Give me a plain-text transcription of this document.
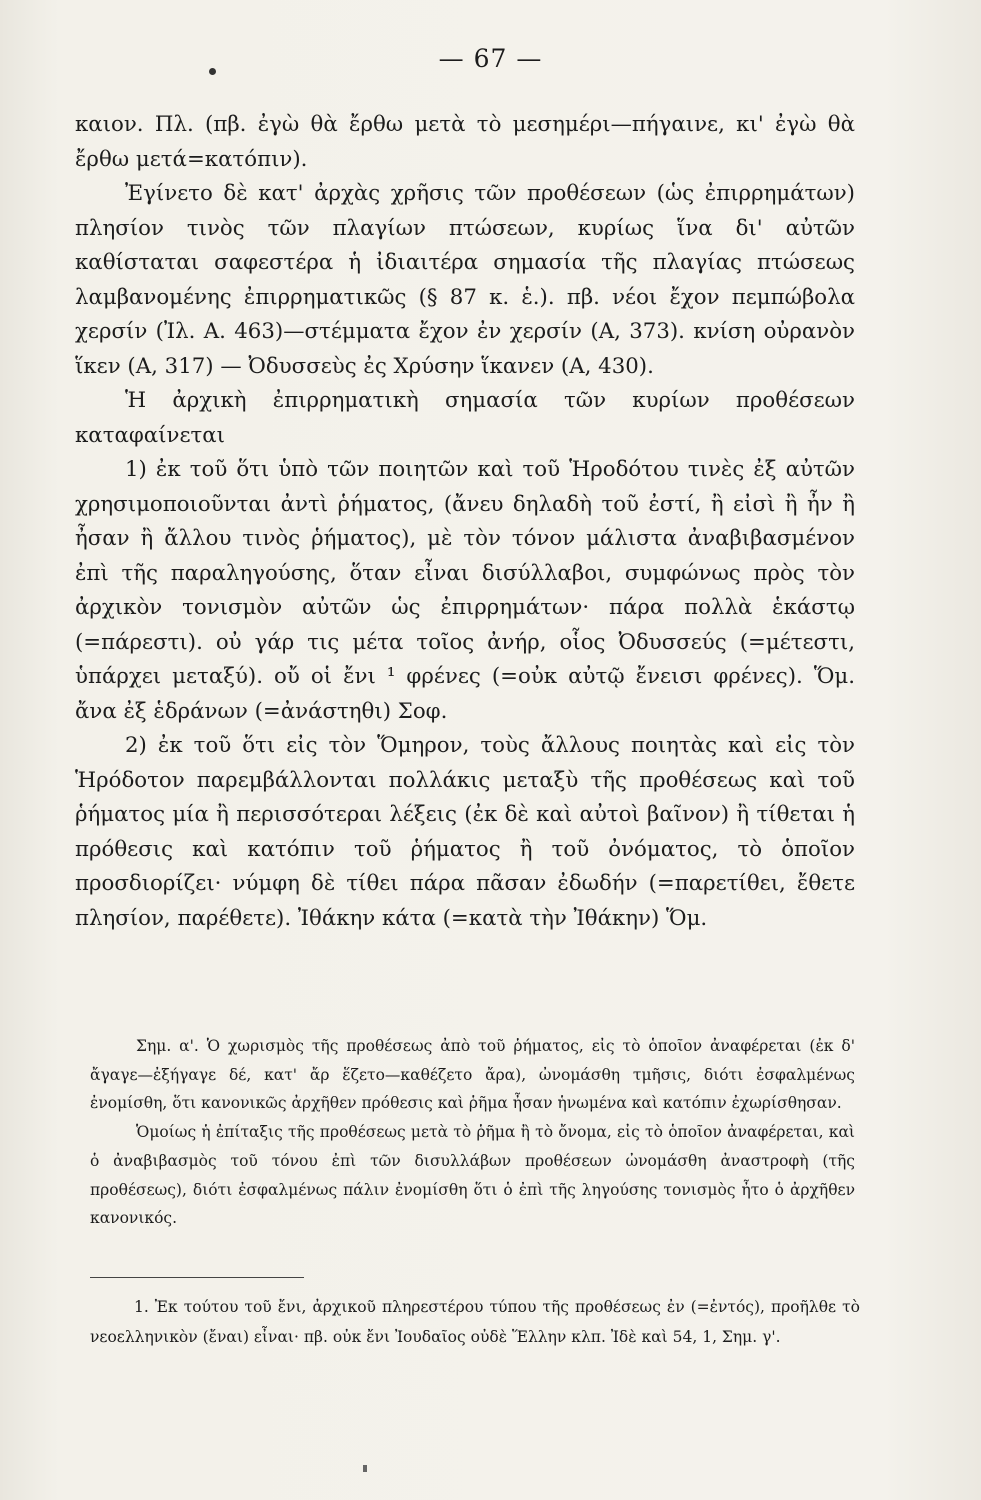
— 67 —

καιον. Πλ. (πβ. ἐγὼ θὰ ἔρθω μετὰ τὸ μεσημέρι—πήγαινε, κι' ἐγὼ θὰ ἔρθω μετά=κατόπιν).

Ἐγίνετο δὲ κατ' ἀρχὰς χρῆσις τῶν προθέσεων (ὡς ἐπιρρημάτων) πλησίον τινὸς τῶν πλαγίων πτώσεων, κυρίως ἵνα δι' αὐτῶν καθίσταται σαφεστέρα ἡ ἰδιαιτέρα σημασία τῆς πλαγίας πτώσεως λαμβανομένης ἐπιρρηματικῶς (§ 87 κ. ἑ.). πβ. νέοι ἔχον πεμπώβολα χερσίν (Ἰλ. Α. 463)—στέμματα ἔχον ἐν χερσίν (Α, 373). κνίση οὐρανὸν ἵκεν (Α, 317) — Ὀδυσσεὺς ἐς Χρύσην ἵκανεν (Α, 430).

Ἡ ἀρχικὴ ἐπιρρηματικὴ σημασία τῶν κυρίων προθέσεων καταφαίνεται

1) ἐκ τοῦ ὅτι ὑπὸ τῶν ποιητῶν καὶ τοῦ Ἡροδότου τινὲς ἐξ αὐτῶν χρησιμοποιοῦνται ἀντὶ ῥήματος, (ἄνευ δηλαδὴ τοῦ ἐστί, ἢ εἰσὶ ἢ ἦν ἢ ἦσαν ἢ ἄλλου τινὸς ῥήματος), μὲ τὸν τόνον μάλιστα ἀναβιβασμένον ἐπὶ τῆς παραληγούσης, ὅταν εἶναι δισύλλαβοι, συμφώνως πρὸς τὸν ἀρχικὸν τονισμὸν αὐτῶν ὡς ἐπιρρημάτων· πάρα πολλὰ ἑκάστῳ (=πάρεστι). οὐ γάρ τις μέτα τοῖος ἀνήρ, οἷος Ὀδυσσεύς (=μέτεστι, ὑπάρχει μεταξύ). οὔ οἱ ἔνι ¹ φρένες (=οὐκ αὐτῷ ἔνεισι φρένες). Ὅμ. ἄνα ἐξ ἑδράνων (=ἀνάστηθι) Σοφ.

2) ἐκ τοῦ ὅτι εἰς τὸν Ὅμηρον, τοὺς ἄλλους ποιητὰς καὶ εἰς τὸν Ἡρόδοτον παρεμβάλλονται πολλάκις μεταξὺ τῆς προθέσεως καὶ τοῦ ῥήματος μία ἢ περισσότεραι λέξεις (ἐκ δὲ καὶ αὐτοὶ βαῖνον) ἢ τίθεται ἡ πρόθεσις καὶ κατόπιν τοῦ ῥήματος ἢ τοῦ ὀνόματος, τὸ ὁποῖον προσδιορίζει· νύμφη δὲ τίθει πάρα πᾶσαν ἐδωδήν (=παρετίθει, ἔθετε πλησίον, παρέθετε). Ἰθάκην κάτα (=κατὰ τὴν Ἰθάκην) Ὅμ.

Σημ. α'. Ὁ χωρισμὸς τῆς προθέσεως ἀπὸ τοῦ ῥήματος, εἰς τὸ ὁποῖον ἀναφέρεται (ἐκ δ' ἄγαγε—ἐξήγαγε δέ, κατ' ἄρ ἕζετο—καθέζετο ἄρα), ὠνομάσθη τμῆσις, διότι ἐσφαλμένως ἐνομίσθη, ὅτι κανονικῶς ἀρχῆθεν πρόθεσις καὶ ῥῆμα ἦσαν ἡνωμένα καὶ κατόπιν ἐχωρίσθησαν.

Ὁμοίως ἡ ἐπίταξις τῆς προθέσεως μετὰ τὸ ῥῆμα ἢ τὸ ὄνομα, εἰς τὸ ὁποῖον ἀναφέρεται, καὶ ὁ ἀναβιβασμὸς τοῦ τόνου ἐπὶ τῶν δισυλλάβων προθέσεων ὠνομάσθη ἀναστροφὴ (τῆς προθέσεως), διότι ἐσφαλμένως πάλιν ἐνομίσθη ὅτι ὁ ἐπὶ τῆς ληγούσης τονισμὸς ἦτο ὁ ἀρχῆθεν κανονικός.

1. Ἐκ τούτου τοῦ ἔνι, ἀρχικοῦ πληρεστέρου τύπου τῆς προθέσεως ἐν (=ἐντός), προῆλθε τὸ νεοελληνικὸν (ἔναι) εἶναι· πβ. οὐκ ἔνι Ἰουδαῖος οὐδὲ Ἕλλην κλπ. Ἰδὲ καὶ 54, 1, Σημ. γ'.
